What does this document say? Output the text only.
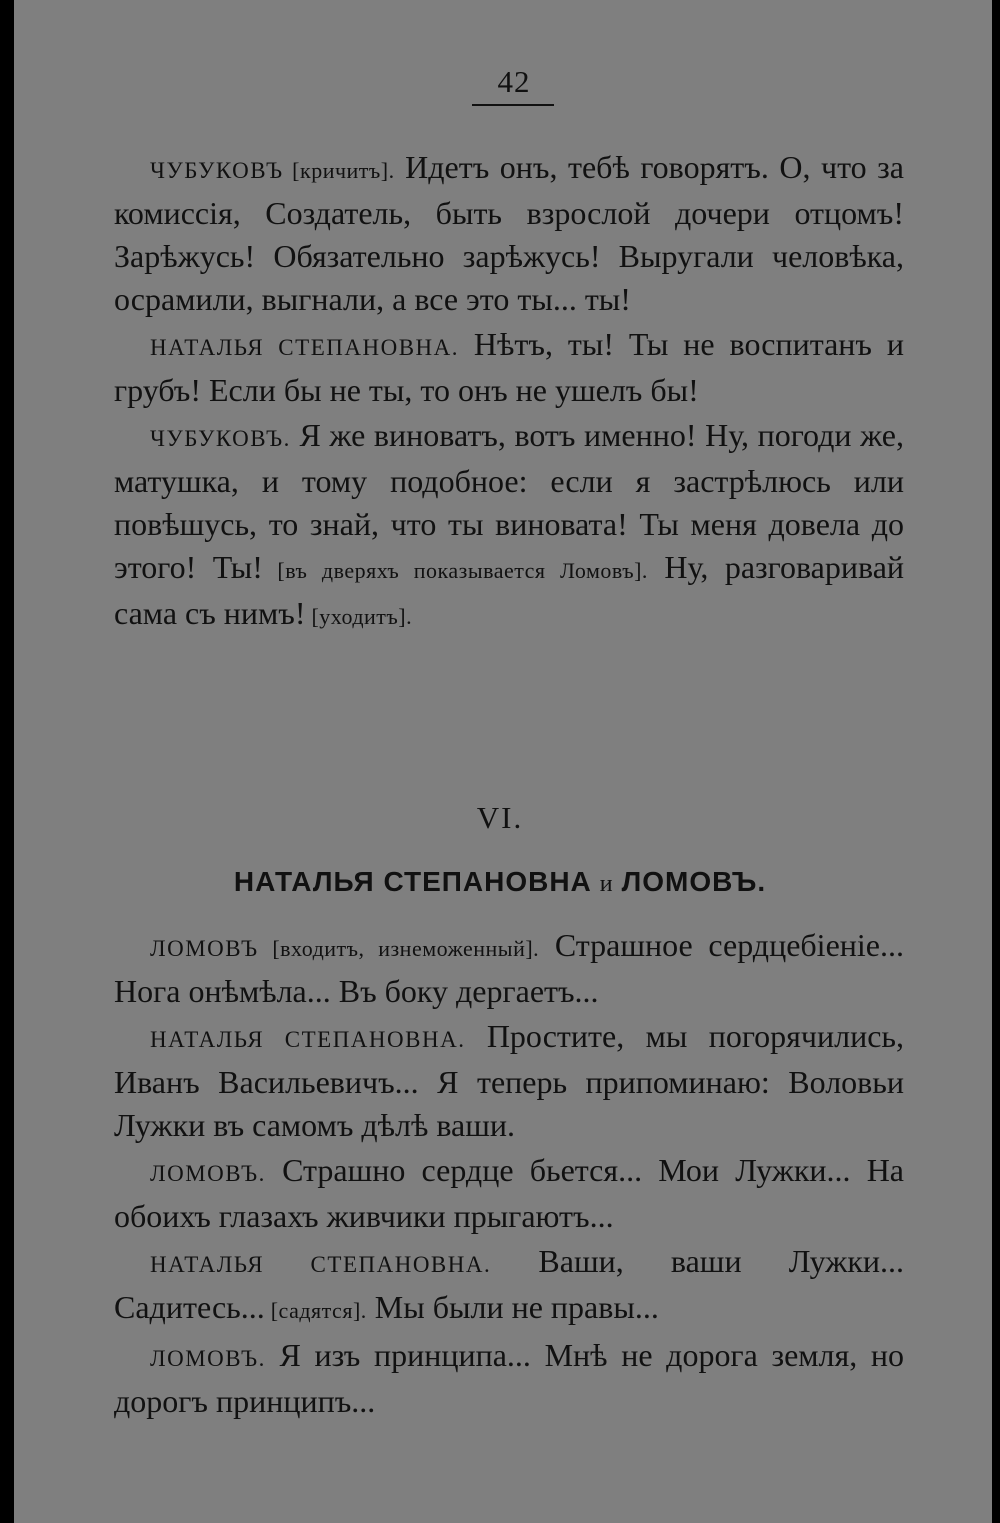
42

ЧУБУКОВЪ [кричитъ]. Идетъ онъ, тебѣ говорятъ. О, что за комиссія, Создатель, быть взрослой дочери отцомъ! Зарѣжусь! Обязательно зарѣжусь! Выругали человѣка, осрамили, выгнали, а все это ты... ты!

НАТАЛЬЯ СТЕПАНОВНА. Нѣтъ, ты! Ты не воспитанъ и грубъ! Если бы не ты, то онъ не ушелъ бы!

ЧУБУКОВЪ. Я же виноватъ, вотъ именно! Ну, погоди же, матушка, и тому подобное: если я застрѣлюсь или повѣшусь, то знай, что ты виновата! Ты меня довела до этого! Ты! [въ дверяхъ показывается Ломовъ]. Ну, разговаривай сама съ нимъ! [уходитъ].

VI.
НАТАЛЬЯ СТЕПАНОВНА и ЛОМОВЪ.

ЛОМОВЪ [входитъ, изнеможенный]. Страшное сердцебіеніе... Нога онѣмѣла... Въ боку дергаетъ...

НАТАЛЬЯ СТЕПАНОВНА. Простите, мы погорячились, Иванъ Васильевичъ... Я теперь припоминаю: Воловьи Лужки въ самомъ дѣлѣ ваши.

ЛОМОВЪ. Страшно сердце бьется... Мои Лужки... На обоихъ глазахъ живчики прыгаютъ...

НАТАЛЬЯ СТЕПАНОВНА. Ваши, ваши Лужки... Садитесь... [садятся]. Мы были не правы...

ЛОМОВЪ. Я изъ принципа... Мнѣ не дорога земля, но дорогъ принципъ...
